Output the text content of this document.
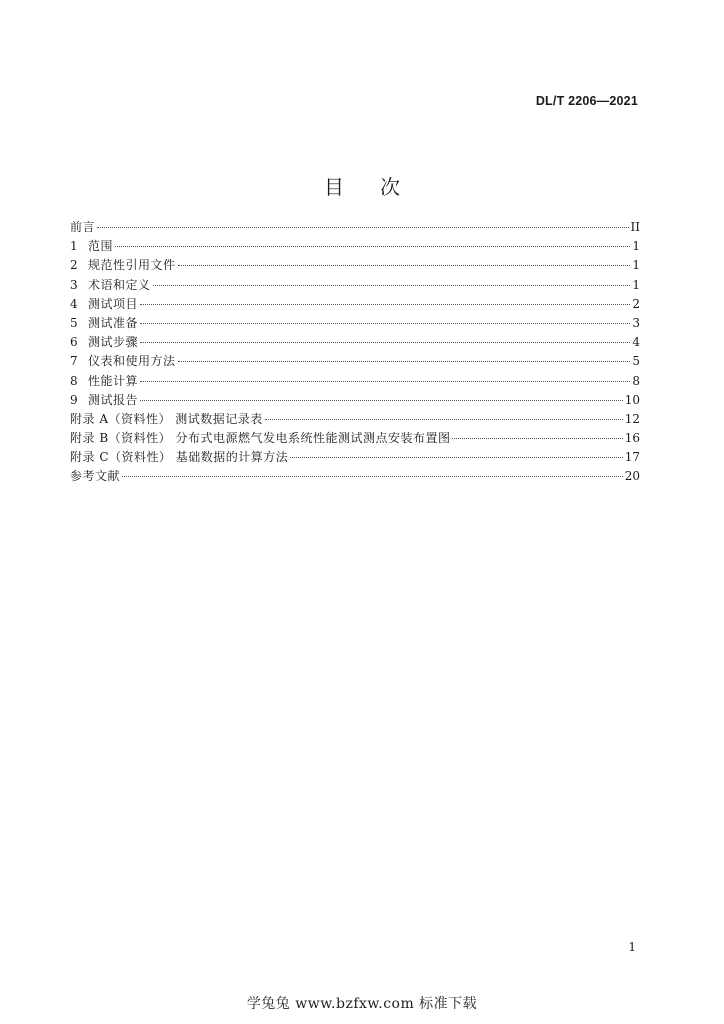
DL/T 2206—2021
目次
前言	II
1 范围	1
2 规范性引用文件	1
3 术语和定义	1
4 测试项目	2
5 测试准备	3
6 测试步骤	4
7 仪表和使用方法	5
8 性能计算	8
9 测试报告	10
附录 A（资料性） 测试数据记录表	12
附录 B（资料性） 分布式电源燃气发电系统性能测试测点安装布置图	16
附录 C（资料性） 基础数据的计算方法	17
参考文献	20
1
学兔兔 www.bzfxw.com 标准下载
